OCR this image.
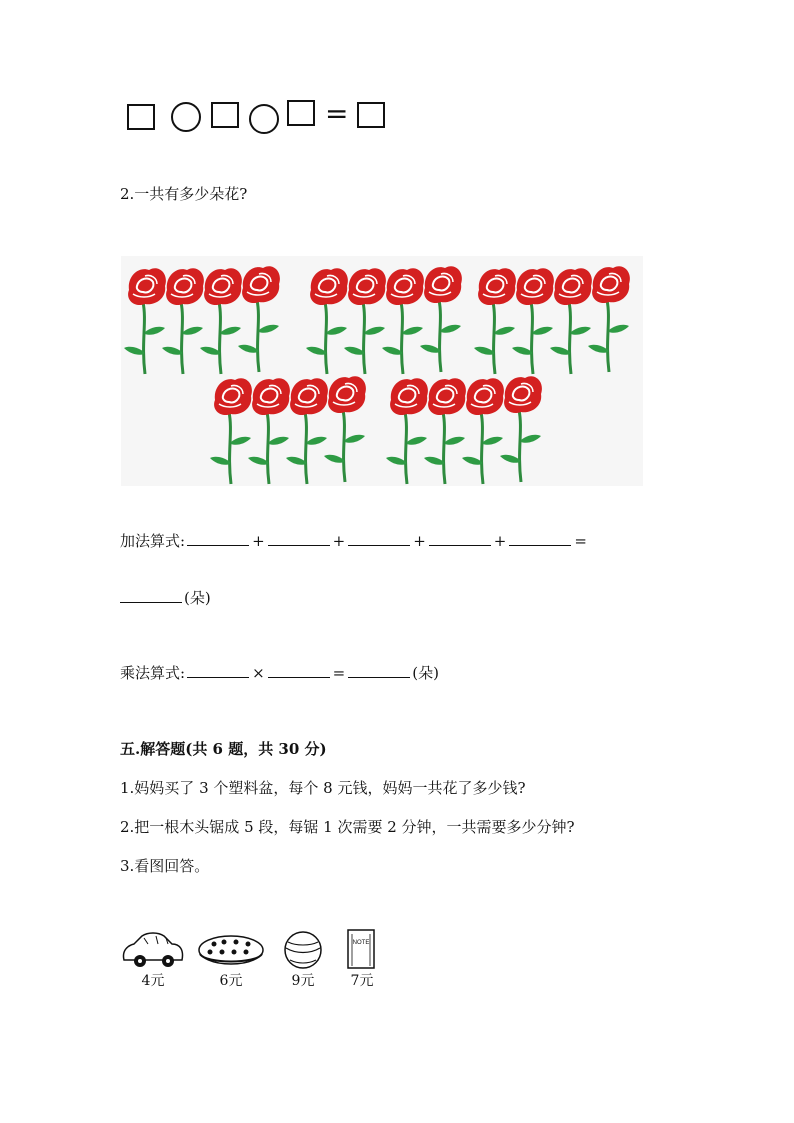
=
2.一共有多少朵花?
加法算式:	+	+	+	+	=
(朵)
乘法算式:	×	=	(朵)
五.解答题(共 6 题，共 30 分)
1.妈妈买了 3 个塑料盆，每个 8 元钱，妈妈一共花了多少钱?
2.把一根木头锯成 5 段，每锯 1 次需要 2 分钟，一共需要多少分钟?
3.看图回答。
4元	6元	9元
NOTE
7元
